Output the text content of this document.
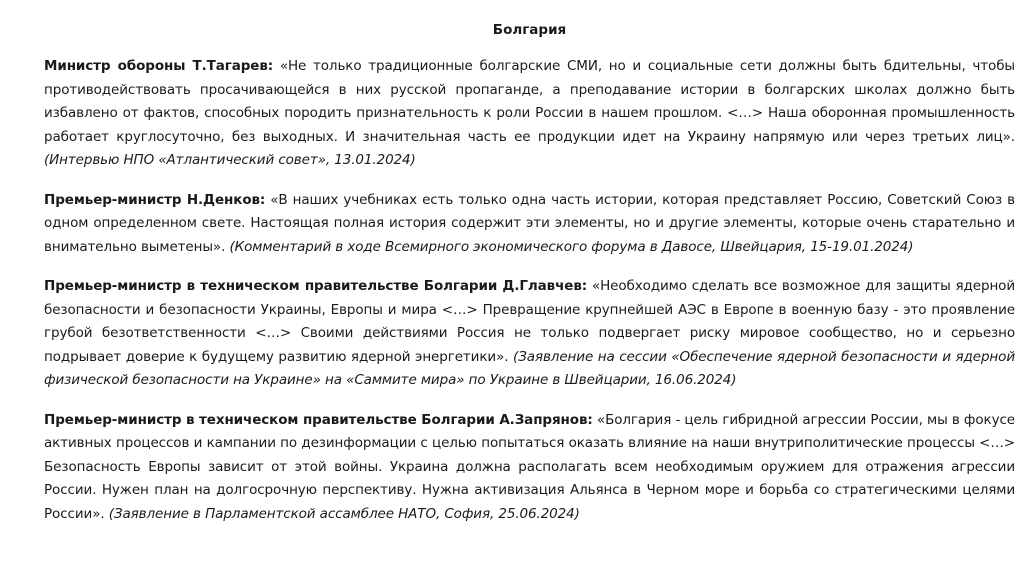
Болгария

Министр обороны Т.Тагарев: «Не только традиционные болгарские СМИ, но и социальные сети должны быть бдительны, чтобы противодействовать просачивающейся в них русской пропаганде, а преподавание истории в болгарских школах должно быть избавлено от фактов, способных породить признательность к роли России в нашем прошлом. <…> Наша оборонная промышленность работает круглосуточно, без выходных. И значительная часть ее продукции идет на Украину напрямую или через третьих лиц». (Интервью НПО «Атлантический совет», 13.01.2024)

Премьер-министр Н.Денков: «В наших учебниках есть только одна часть истории, которая представляет Россию, Советский Союз в одном определенном свете. Настоящая полная история содержит эти элементы, но и другие элементы, которые очень старательно и внимательно выметены». (Комментарий в ходе Всемирного экономического форума в Давосе, Швейцария, 15-19.01.2024)

Премьер-министр в техническом правительстве Болгарии Д.Главчев: «Необходимо сделать все возможное для защиты ядерной безопасности и безопасности Украины, Европы и мира <…> Превращение крупнейшей АЭС в Европе в военную базу - это проявление грубой безответственности <…> Своими действиями Россия не только подвергает риску мировое сообщество, но и серьезно подрывает доверие к будущему развитию ядерной энергетики». (Заявление на сессии «Обеспечение ядерной безопасности и ядерной физической безопасности на Украине» на «Саммите мира» по Украине в Швейцарии, 16.06.2024)

Премьер-министр в техническом правительстве Болгарии А.Запрянов: «Болгария - цель гибридной агрессии России, мы в фокусе активных процессов и кампании по дезинформации с целью попытаться оказать влияние на наши внутриполитические процессы <…> Безопасность Европы зависит от этой войны. Украина должна располагать всем необходимым оружием для отражения агрессии России. Нужен план на долгосрочную перспективу. Нужна активизация Альянса в Черном море и борьба со стратегическими целями России». (Заявление в Парламентской ассамблее НАТО, София, 25.06.2024)
